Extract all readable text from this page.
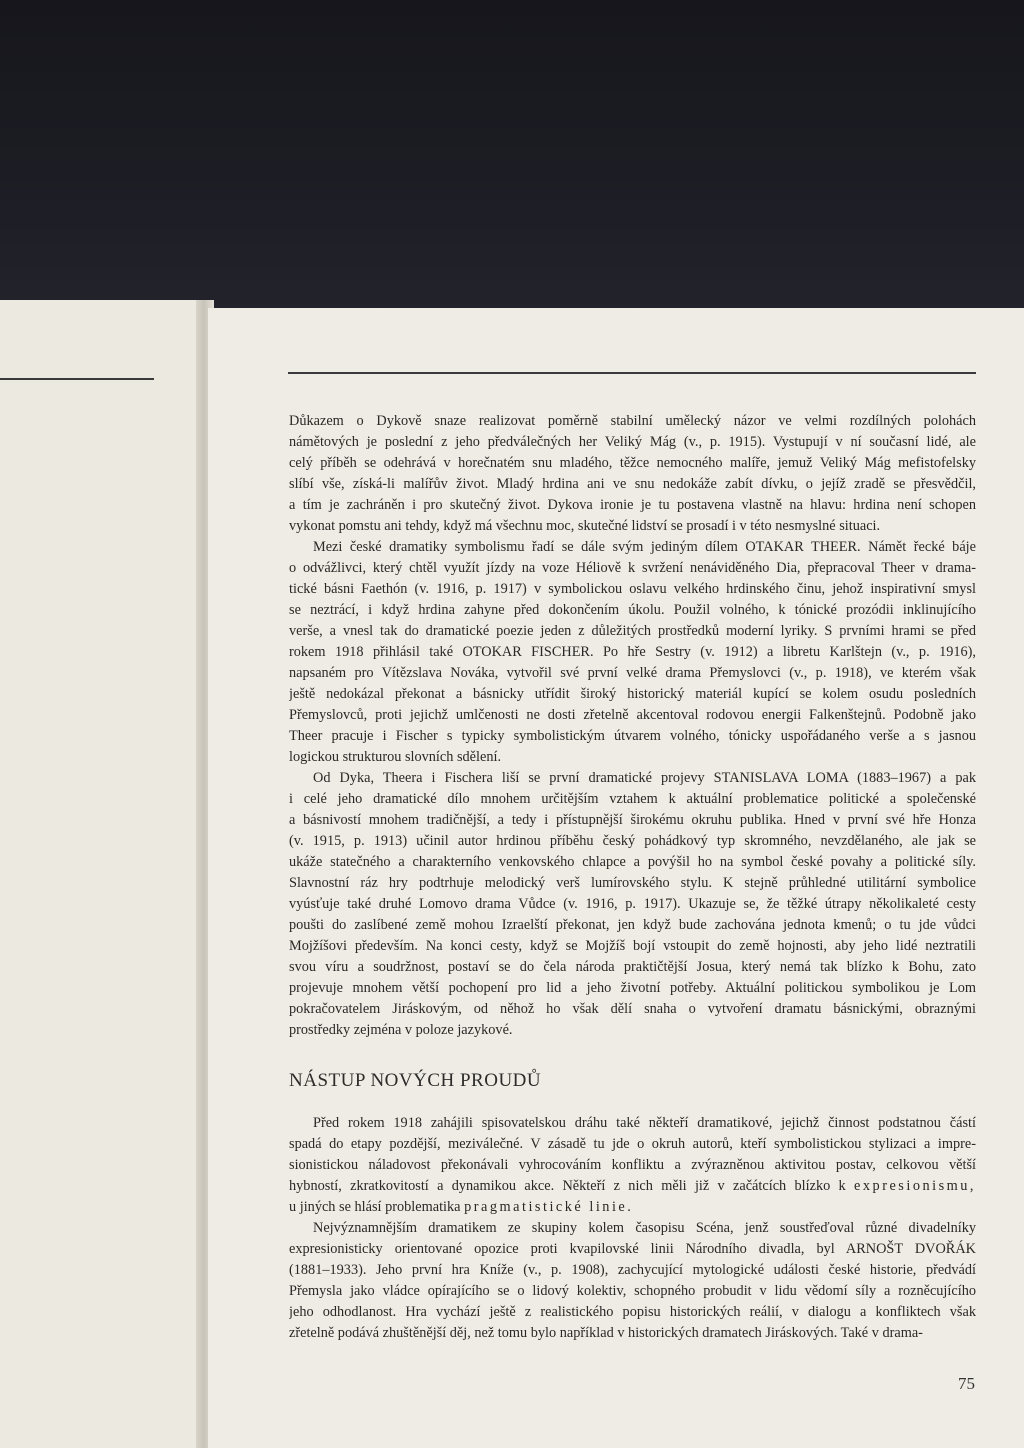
Důkazem o Dykově snaze realizovat poměrně stabilní umělecký názor ve velmi rozdílných polohách
námětových je poslední z jeho předválečných her Veliký Mág (v., p. 1915). Vystupují v ní současní lidé, ale
celý příběh se odehrává v horečnatém snu mladého, těžce nemocného malíře, jemuž Veliký Mág mefistofelsky
slíbí vše, získá-li malířův život. Mladý hrdina ani ve snu nedokáže zabít dívku, o jejíž zradě se přesvědčil,
a tím je zachráněn i pro skutečný život. Dykova ironie je tu postavena vlastně na hlavu: hrdina není schopen
vykonat pomstu ani tehdy, když má všechnu moc, skutečné lidství se prosadí i v této nesmyslné situaci.
Mezi české dramatiky symbolismu řadí se dále svým jediným dílem OTAKAR THEER. Námět řecké báje
o odvážlivci, který chtěl využít jízdy na voze Héliově k svržení nenáviděného Dia, přepracoval Theer v drama-
tické básni Faethón (v. 1916, p. 1917) v symbolickou oslavu velkého hrdinského činu, jehož inspirativní smysl
se neztrácí, i když hrdina zahyne před dokončením úkolu. Použil volného, k tónické prozódii inklinujícího
verše, a vnesl tak do dramatické poezie jeden z důležitých prostředků moderní lyriky. S prvními hrami se před
rokem 1918 přihlásil také OTOKAR FISCHER. Po hře Sestry (v. 1912) a libretu Karlštejn (v., p. 1916),
napsaném pro Vítězslava Nováka, vytvořil své první velké drama Přemyslovci (v., p. 1918), ve kterém však
ještě nedokázal překonat a básnicky utřídit široký historický materiál kupící se kolem osudu posledních
Přemyslovců, proti jejichž umlčenosti ne dosti zřetelně akcentoval rodovou energii Falkenštejnů. Podobně jako
Theer pracuje i Fischer s typicky symbolistickým útvarem volného, tónicky uspořádaného verše a s jasnou
logickou strukturou slovních sdělení.
Od Dyka, Theera i Fischera liší se první dramatické projevy STANISLAVA LOMA (1883–1967) a pak
i celé jeho dramatické dílo mnohem určitějším vztahem k aktuální problematice politické a společenské
a básnivostí mnohem tradičnější, a tedy i přístupnější širokému okruhu publika. Hned v první své hře Honza
(v. 1915, p. 1913) učinil autor hrdinou příběhu český pohádkový typ skromného, nevzdělaného, ale jak se
ukáže statečného a charakterního venkovského chlapce a povýšil ho na symbol české povahy a politické síly.
Slavnostní ráz hry podtrhuje melodický verš lumírovského stylu. K stejně průhledné utilitární symbolice
vyúsťuje také druhé Lomovo drama Vůdce (v. 1916, p. 1917). Ukazuje se, že těžké útrapy několikaleté cesty
poušti do zaslíbené země mohou Izraelští překonat, jen když bude zachována jednota kmenů; o tu jde vůdci
Mojžíšovi především. Na konci cesty, když se Mojžíš bojí vstoupit do země hojnosti, aby jeho lidé neztratili
svou víru a soudržnost, postaví se do čela národa praktičtější Josua, který nemá tak blízko k Bohu, zato
projevuje mnohem větší pochopení pro lid a jeho životní potřeby. Aktuální politickou symbolikou je Lom
pokračovatelem Jiráskovým, od něhož ho však dělí snaha o vytvoření dramatu básnickými, obraznými
prostředky zejména v poloze jazykové.
NÁSTUP NOVÝCH PROUDŮ
Před rokem 1918 zahájili spisovatelskou dráhu také někteří dramatikové, jejichž činnost podstatnou částí
spadá do etapy pozdější, meziválečné. V zásadě tu jde o okruh autorů, kteří symbolistickou stylizaci a impre-
sionistickou náladovost překonávali vyhrocováním konfliktu a zvýrazněnou aktivitou postav, celkovou větší
hybností, zkratkovitostí a dynamikou akce. Někteří z nich měli již v začátcích blízko k expresionismu,
u jiných se hlásí problematika pragmatistické linie.
Nejvýznamnějším dramatikem ze skupiny kolem časopisu Scéna, jenž soustřeďoval různé divadelníky
expresionisticky orientované opozice proti kvapilovské linii Národního divadla, byl ARNOŠT DVOŘÁK
(1881–1933). Jeho první hra Kníže (v., p. 1908), zachycující mytologické události české historie, předvádí
Přemysla jako vládce opírajícího se o lidový kolektiv, schopného probudit v lidu vědomí síly a rozněcujícího
jeho odhodlanost. Hra vychází ještě z realistického popisu historických reálií, v dialogu a konfliktech však
zřetelně podává zhuštěnější děj, než tomu bylo například v historických dramatech Jiráskových. Také v drama-
75
